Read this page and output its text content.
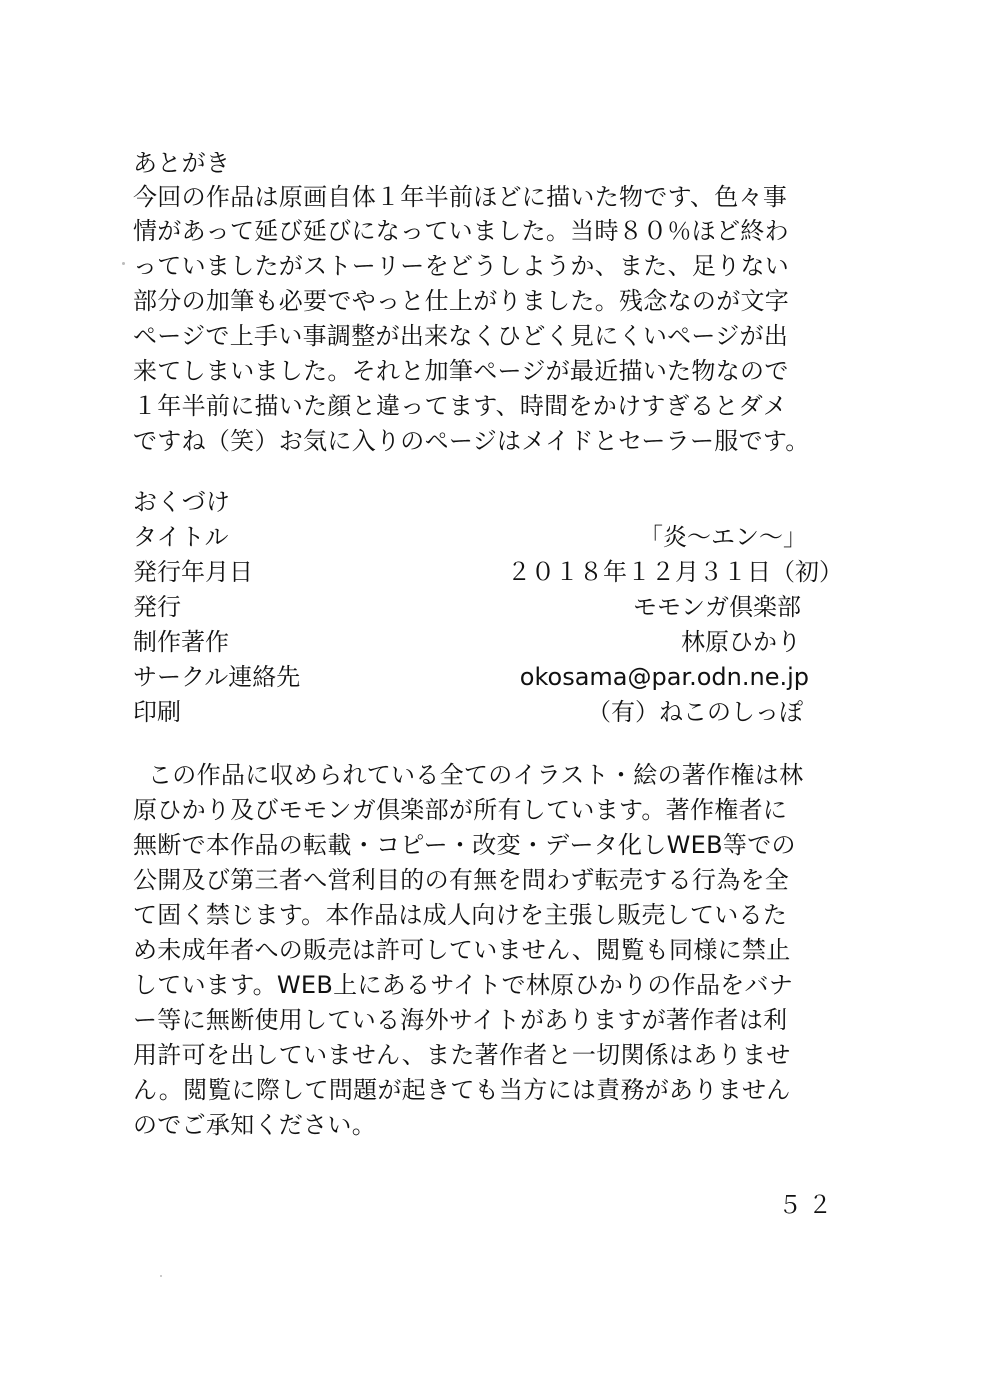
あとがき
今回の作品は原画自体１年半前ほどに描いた物です、色々事
情があって延び延びになっていました。当時８０％ほど終わ
っていましたがストーリーをどうしようか、また、足りない
部分の加筆も必要でやっと仕上がりました。残念なのが文字
ページで上手い事調整が出来なくひどく見にくいページが出
来てしまいました。それと加筆ページが最近描いた物なので
１年半前に描いた顔と違ってます、時間をかけすぎるとダメ
ですね（笑）お気に入りのページはメイドとセーラー服です。
おくづけ
タイトル	「炎～エン～」
発行年月日	２０１８年１２月３１日（初）
発行	モモンガ倶楽部
制作著作	林原ひかり
サークル連絡先	okosama@par.odn.ne.jp
印刷	（有）ねこのしっぽ
この作品に収められている全てのイラスト・絵の著作権は林
原ひかり及びモモンガ倶楽部が所有しています。著作権者に
無断で本作品の転載・コピー・改変・データ化しWEB等での
公開及び第三者へ営利目的の有無を問わず転売する行為を全
て固く禁じます。本作品は成人向けを主張し販売しているた
め未成年者への販売は許可していません、閲覧も同様に禁止
しています。WEB上にあるサイトで林原ひかりの作品をバナ
ー等に無断使用している海外サイトがありますが著作者は利
用許可を出していません、また著作者と一切関係はありませ
ん。閲覧に際して問題が起きても当方には責務がありません
のでご承知ください。
５２
